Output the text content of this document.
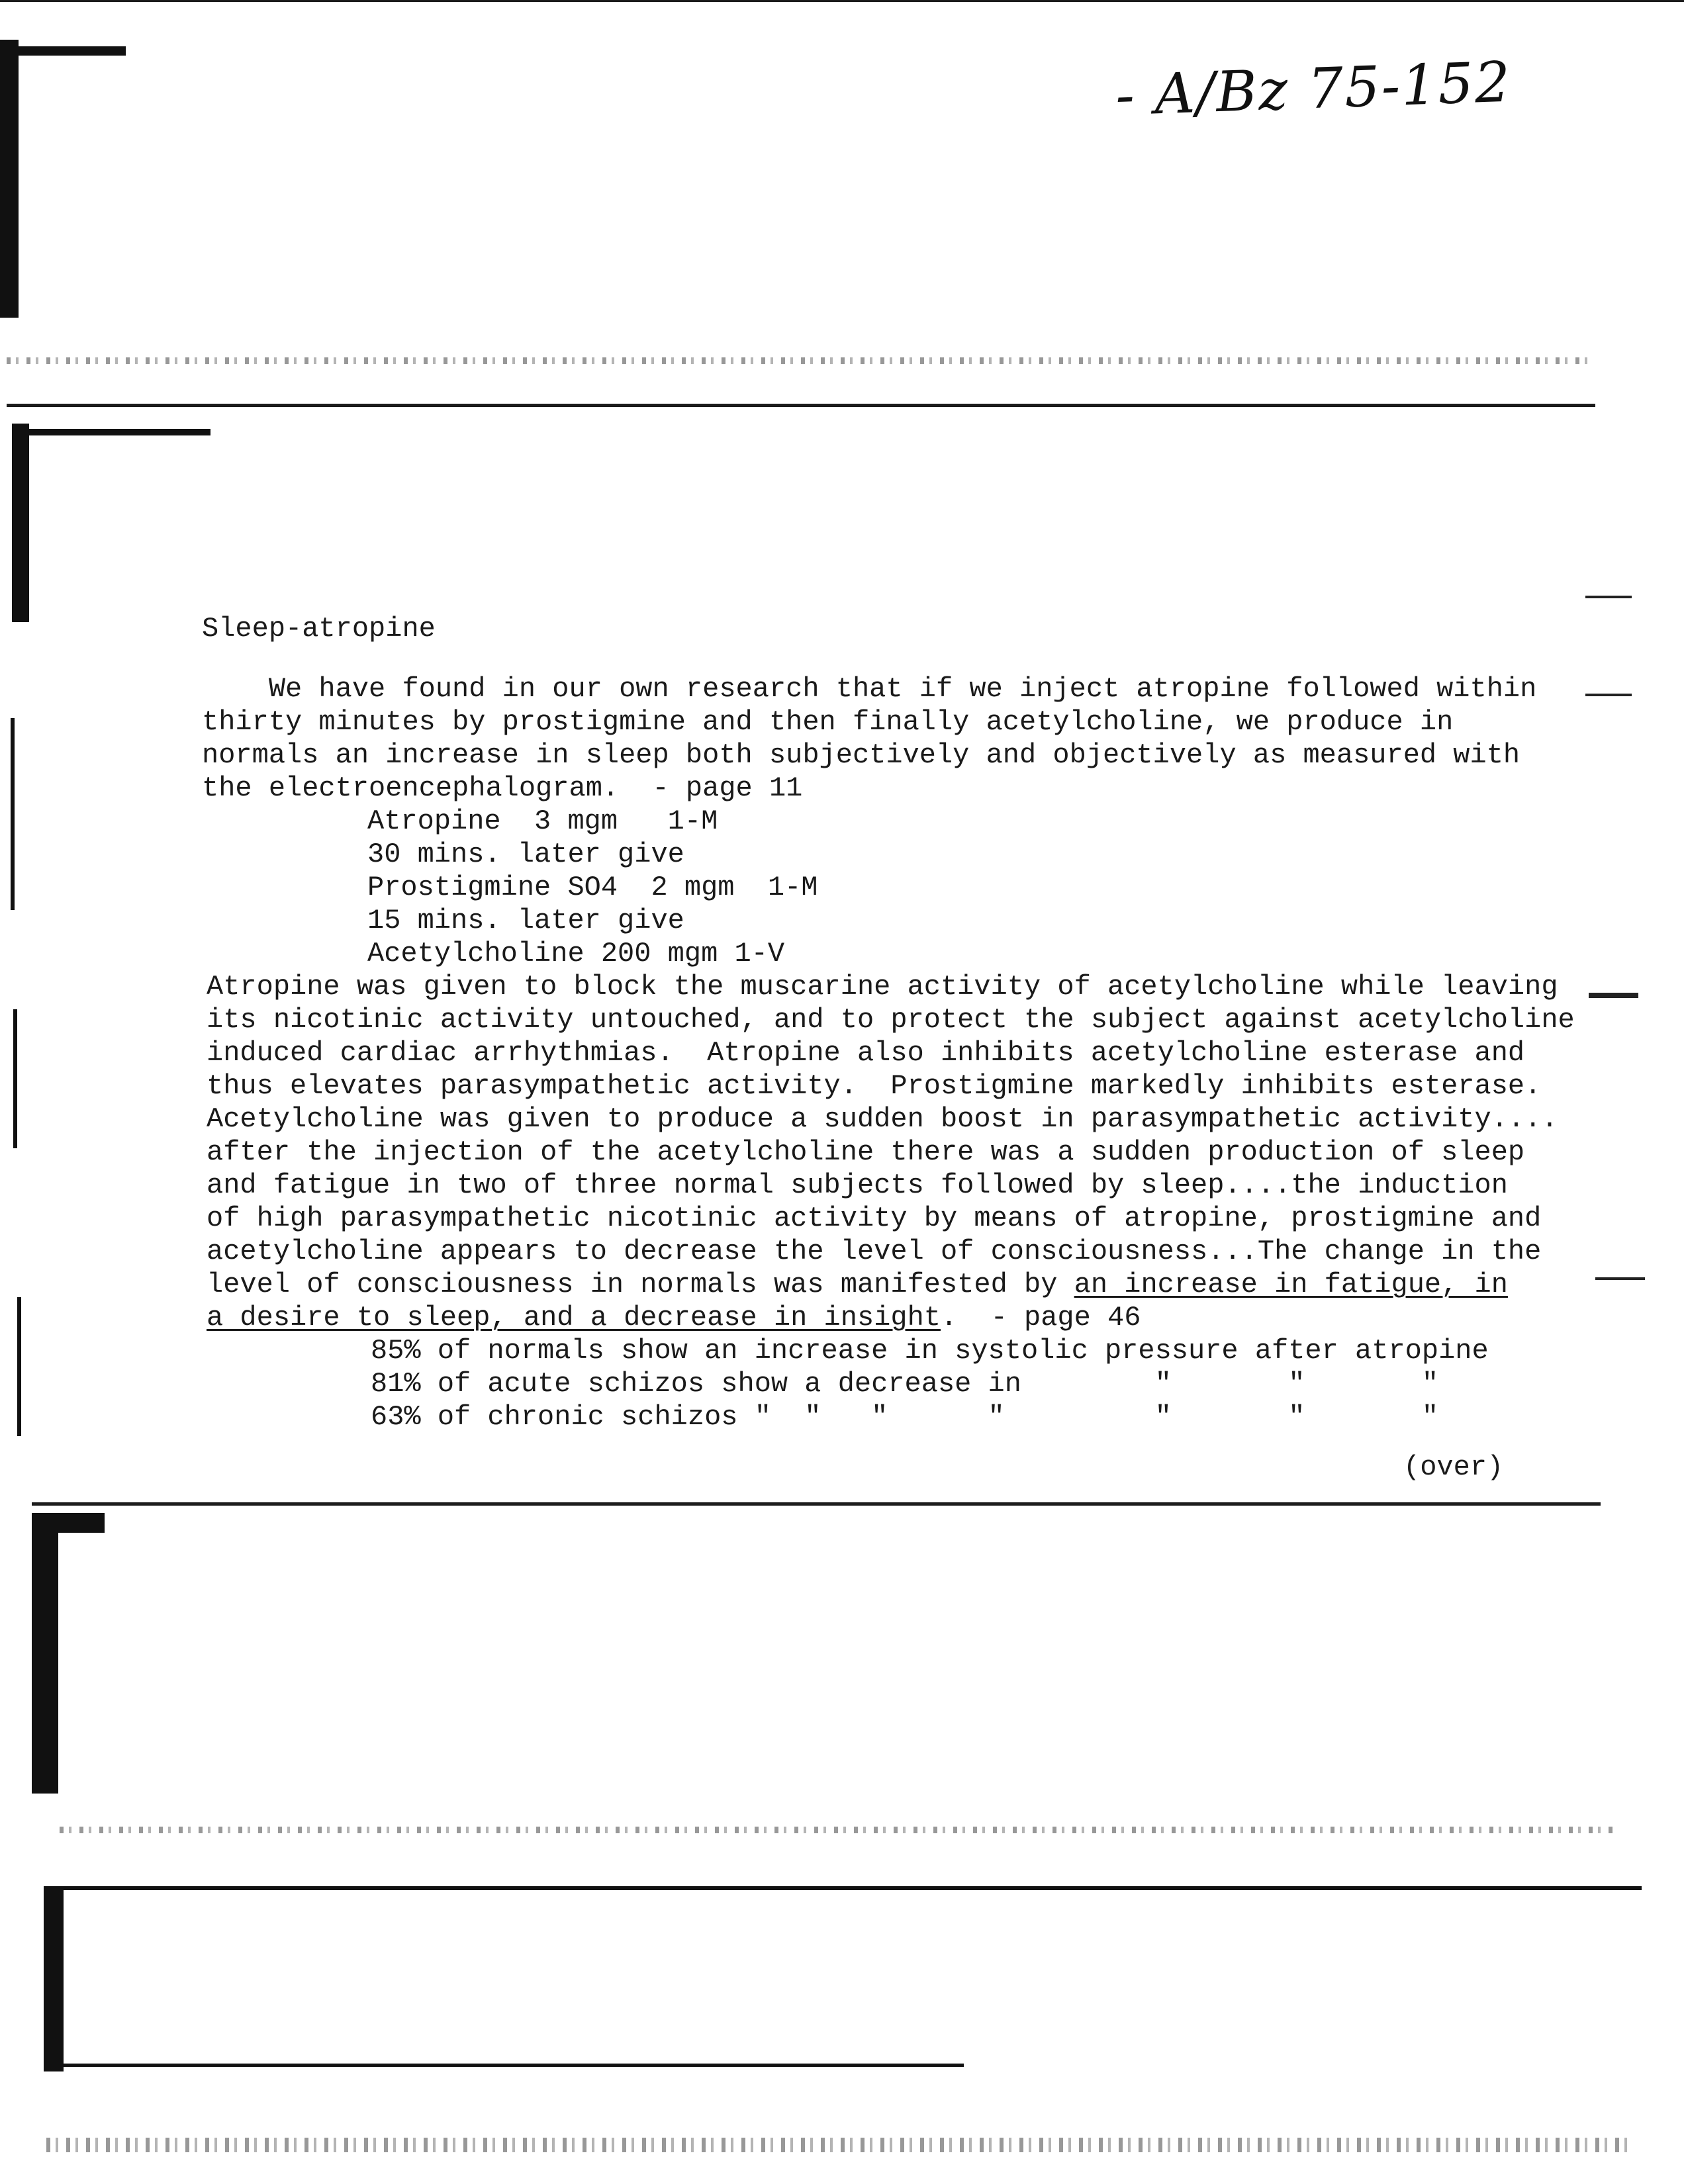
- A/Bz 75-152
Sleep-atropine
We have found in our own research that if we inject atropine followed within
thirty minutes by prostigmine and then finally acetylcholine, we produce in
normals an increase in sleep both subjectively and objectively as measured with
the electroencephalogram.  - page 11
Atropine  3 mgm   1-M
30 mins. later give
Prostigmine SO4  2 mgm  1-M
15 mins. later give
Acetylcholine 200 mgm 1-V
Atropine was given to block the muscarine activity of acetylcholine while leaving
its nicotinic activity untouched, and to protect the subject against acetylcholine
induced cardiac arrhythmias.  Atropine also inhibits acetylcholine esterase and
thus elevates parasympathetic activity.  Prostigmine markedly inhibits esterase.
Acetylcholine was given to produce a sudden boost in parasympathetic activity....
after the injection of the acetylcholine there was a sudden production of sleep
and fatigue in two of three normal subjects followed by sleep....the induction
of high parasympathetic nicotinic activity by means of atropine, prostigmine and
acetylcholine appears to decrease the level of consciousness...The change in the
level of consciousness in normals was manifested by an increase in fatigue, in
a desire to sleep, and a decrease in insight.  - page 46
85% of normals show an increase in systolic pressure after atropine
81% of acute schizos show a decrease in        "       "       "
63% of chronic schizos "  "   "      "         "       "       "
(over)
